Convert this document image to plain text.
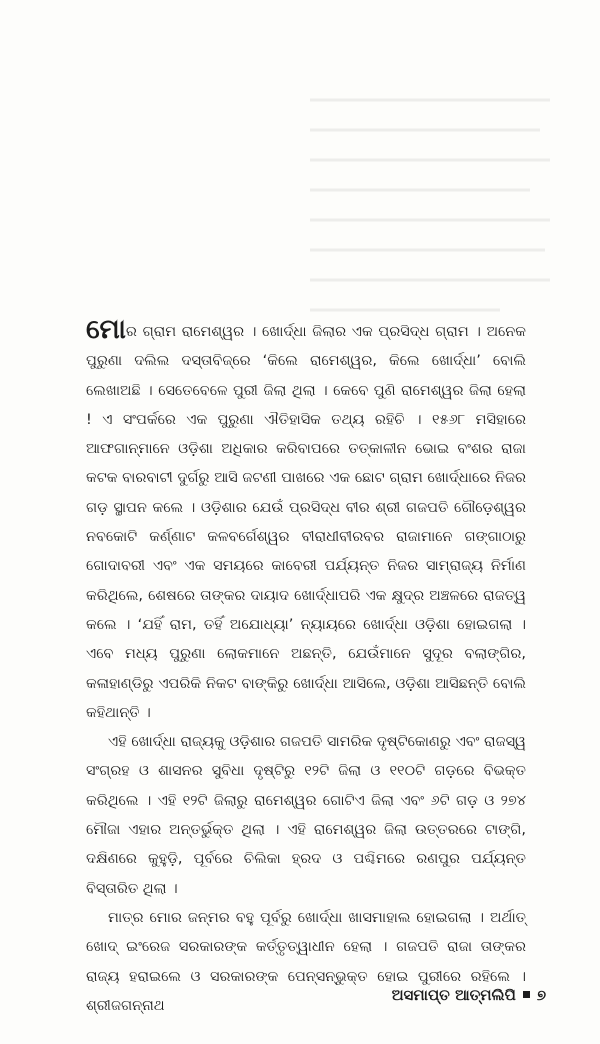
ମୋର ଗ୍ରାମ ରାମେଶ୍ୱର । ଖୋର୍ଦ୍ଧା ଜିଲାର ଏକ ପ୍ରସିଦ୍ଧ ଗ୍ରାମ । ଅନେକ ପୁରୁଣା ଦଲିଲ ଦସ୍ତାବିଜ୍‌ରେ ‘କିଲେ ରାମେଶ୍ୱର, କିଲେ ଖୋର୍ଦ୍ଧା’ ବୋଲି ଲେଖାଅଛି । ସେତେବେଳେ ପୁରୀ ଜିଲା ଥିଲା । କେବେ ପୁଣି ରାମେଶ୍ୱର ଜିଲା ହେଲା ! ଏ ସଂପର୍କରେ ଏକ ପୁରୁଣା ଐତିହାସିକ ତଥ୍ୟ ରହିଚି । ୧୫୬୮ ମସିହାରେ ଆଫଗାନ୍‌ମାନେ ଓଡ଼ିଶା ଅଧିକାର କରିବାପରେ ତତ୍‌କାଳୀନ ଭୋଇ ବଂଶର ରାଜା କଟକ ବାରବାଟୀ ଦୁର୍ଗରୁ ଆସି ଜଟଣୀ ପାଖରେ ଏକ ଛୋଟ ଗ୍ରାମ ଖୋର୍ଦ୍ଧାରେ ନିଜର ଗଡ଼ ସ୍ଥାପନ କଲେ । ଓଡ଼ିଶାର ଯେଉଁ ପ୍ରସିଦ୍ଧ ବୀର ଶ୍ରୀ ଗଜପତି ଗୌଡ଼େଶ୍ୱର ନବକୋଟି କର୍ଣ୍ଣାଟ କଳବର୍ଗେଶ୍ୱର ବୀରାଧୀବୀରବର ରାଜାମାନେ ଗଙ୍ଗାଠାରୁ ଗୋଦାବରୀ ଏବଂ ଏକ ସମୟରେ କାବେରୀ ପର୍ଯ୍ୟନ୍ତ ନିଜର ସାମ୍ରାଜ୍ୟ ନିର୍ମାଣ କରିଥିଲେ, ଶେଷରେ ତାଙ୍କର ଦାୟାଦ ଖୋର୍ଦ୍ଧାପରି ଏକ କ୍ଷୁଦ୍ର ଅଞ୍ଚଳରେ ରାଜତ୍ୱ କଲେ । ‘ଯହିଁ ରାମ, ତହିଁ ଅଯୋଧ୍ୟା’ ନ୍ୟାୟରେ ଖୋର୍ଦ୍ଧା ଓଡ଼ିଶା ହୋଇଗଲା । ଏବେ ମଧ୍ୟ ପୁରୁଣା ଲୋକମାନେ ଅଛନ୍ତି, ଯେଉଁମାନେ ସୁଦୂର ବଲାଙ୍ଗିର, କଳାହାଣ୍ଡିରୁ ଏପରିକି ନିକଟ ବାଙ୍କିରୁ ଖୋର୍ଦ୍ଧା ଆସିଲେ, ଓଡ଼ିଶା ଆସିଛନ୍ତି ବୋଲି କହିଥାନ୍ତି ।

ଏହି ଖୋର୍ଦ୍ଧା ରାଜ୍ୟକୁ ଓଡ଼ିଶାର ଗଜପତି ସାମରିକ ଦୃଷ୍ଟିକୋଣରୁ ଏବଂ ରାଜସ୍ୱ ସଂଗ୍ରହ ଓ ଶାସନର ସୁବିଧା ଦୃଷ୍ଟିରୁ ୧୨ଟି ଜିଲା ଓ ୧୧୦ଟି ଗଡ଼ରେ ବିଭକ୍ତ କରିଥିଲେ । ଏହି ୧୨ଟି ଜିଲାରୁ ରାମେଶ୍ୱର ଗୋଟିଏ ଜିଲା ଏବଂ ୬ଟି ଗଡ଼ ଓ ୨୭୪ ମୌଜା ଏହାର ଅନ୍ତର୍ଭୁକ୍ତ ଥିଲା । ଏହି ରାମେଶ୍ୱର ଜିଲା ଉତ୍ତରରେ ଟାଙ୍ଗି, ଦକ୍ଷିଣରେ କୁହୁଡ଼ି, ପୂର୍ବରେ ଚିଲିକା ହ୍ରଦ ଓ ପଶ୍ଚିମରେ ରଣପୁର ପର୍ଯ୍ୟନ୍ତ ବିସ୍ତାରିତ ଥିଲା ।

ମାତ୍ର ମୋର ଜନ୍ମର ବହୁ ପୂର୍ବରୁ ଖୋର୍ଦ୍ଧା ଖାସମାହାଲ ହୋଇଗଲା । ଅର୍ଥାତ୍ ଖୋଦ୍ ଇଂରେଜ ସରକାରଙ୍କ କର୍ତ୍ତୃତ୍ୱାଧୀନ ହେଲା । ଗଜପତି ରାଜା ତାଙ୍କର ରାଜ୍ୟ ହରାଇଲେ ଓ ସରକାରଙ୍କ ପେନ୍‌ସନ୍‌ଭୁକ୍ତ ହୋଇ ପୁରୀରେ ରହିଲେ । ଶ୍ରୀଜଗନ୍ନାଥ

ଅସମାପ୍ତ ଆତ୍ମଲିପି ୭
